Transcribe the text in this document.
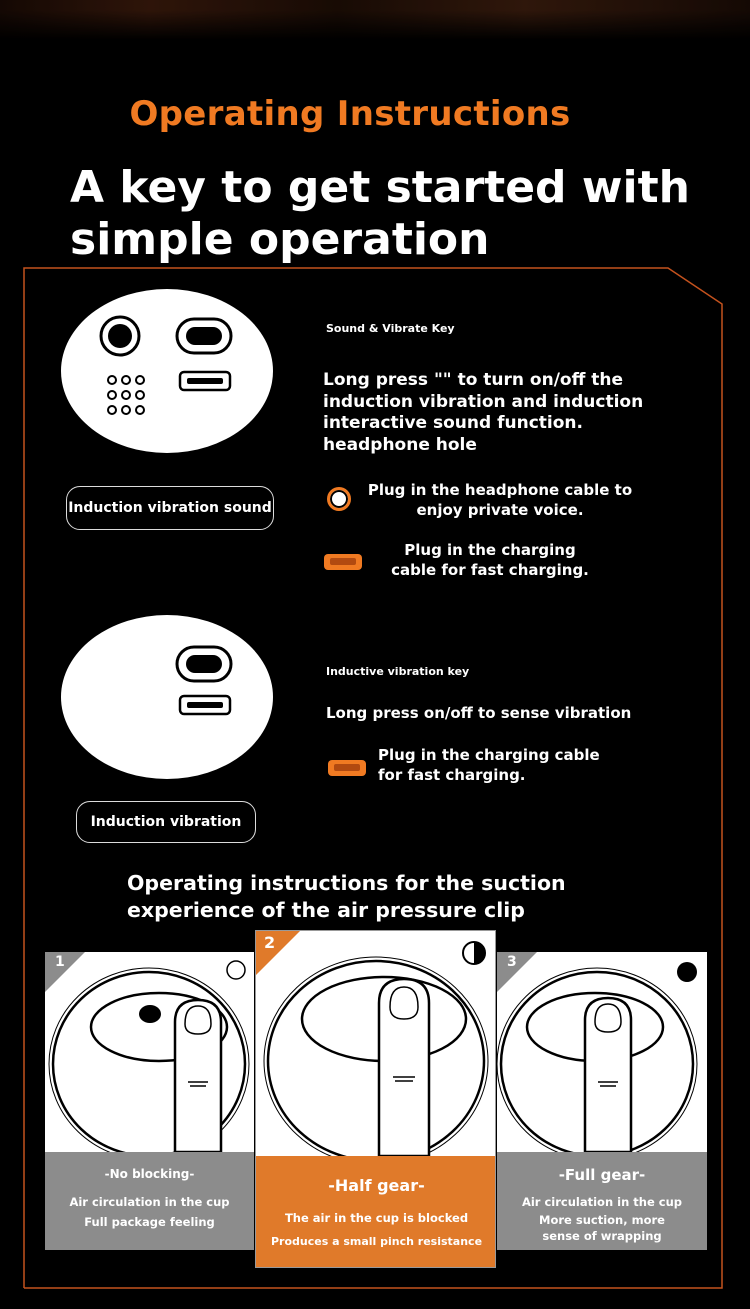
Operating Instructions
A key to get started with simple operation
Sound & Vibrate Key
Long press "" to turn on/off the induction vibration and induction interactive sound function. headphone hole
Induction vibration sound
Plug in the headphone cable to enjoy private voice.
Plug in the charging cable for fast charging.
Inductive vibration key
Long press on/off to sense vibration
Plug in the charging cable for fast charging.
Induction vibration
Operating instructions for the suction experience of the air pressure clip
1
-No blocking-
Air circulation in the cup
Full package feeling
3
-Full gear-
Air circulation in the cup
More suction, more sense of wrapping
2
-Half gear-
The air in the cup is blocked
Produces a small pinch resistance
